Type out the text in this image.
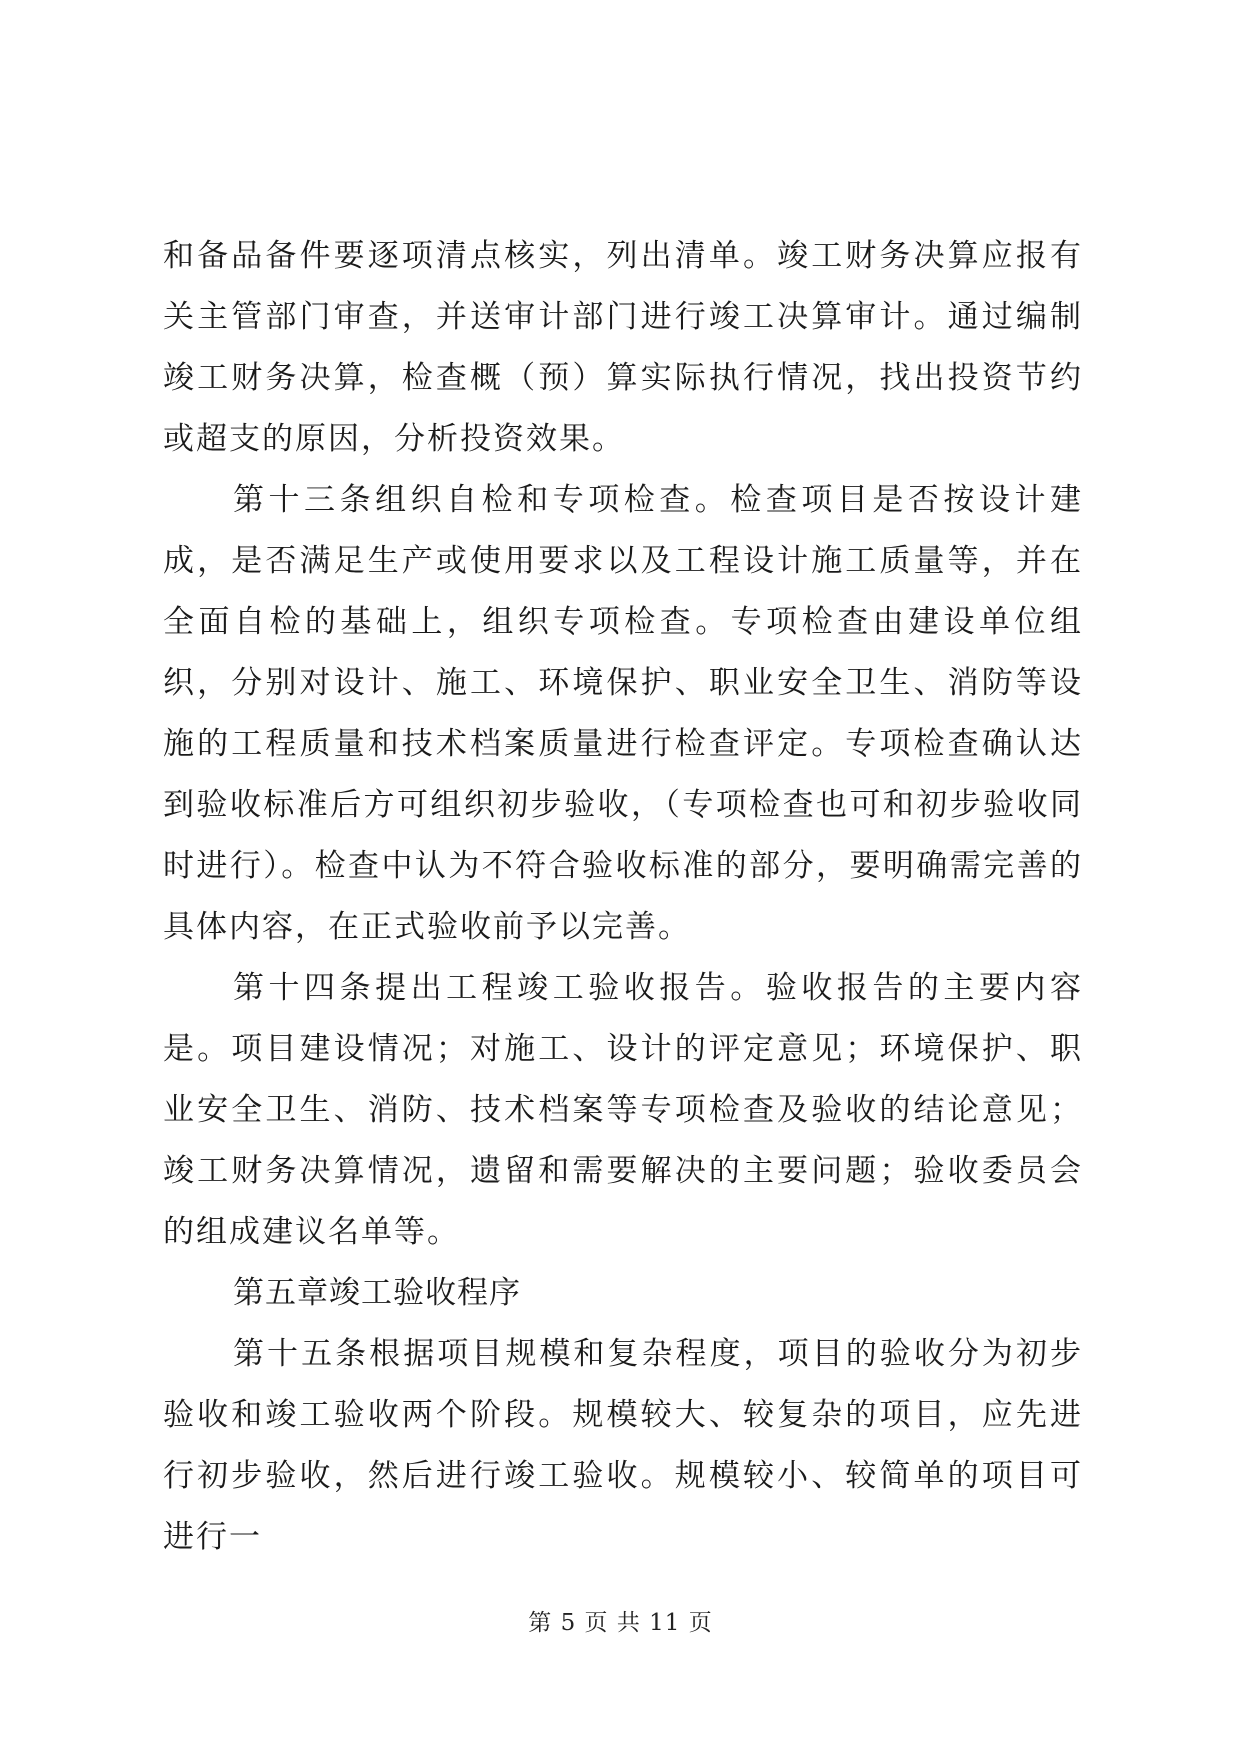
和备品备件要逐项清点核实，列出清单。竣工财务决算应报有关主管部门审查，并送审计部门进行竣工决算审计。通过编制竣工财务决算，检查概（预）算实际执行情况，找出投资节约或超支的原因，分析投资效果。

第十三条组织自检和专项检查。检查项目是否按设计建成，是否满足生产或使用要求以及工程设计施工质量等，并在全面自检的基础上，组织专项检查。专项检查由建设单位组织，分别对设计、施工、环境保护、职业安全卫生、消防等设施的工程质量和技术档案质量进行检查评定。专项检查确认达到验收标准后方可组织初步验收，（专项检查也可和初步验收同时进行）。检查中认为不符合验收标准的部分，要明确需完善的具体内容，在正式验收前予以完善。

第十四条提出工程竣工验收报告。验收报告的主要内容是。项目建设情况；对施工、设计的评定意见；环境保护、职业安全卫生、消防、技术档案等专项检查及验收的结论意见；竣工财务决算情况，遗留和需要解决的主要问题；验收委员会的组成建议名单等。

第五章竣工验收程序

第十五条根据项目规模和复杂程度，项目的验收分为初步验收和竣工验收两个阶段。规模较大、较复杂的项目，应先进行初步验收，然后进行竣工验收。规模较小、较简单的项目可进行一

第 5 页 共 11 页
